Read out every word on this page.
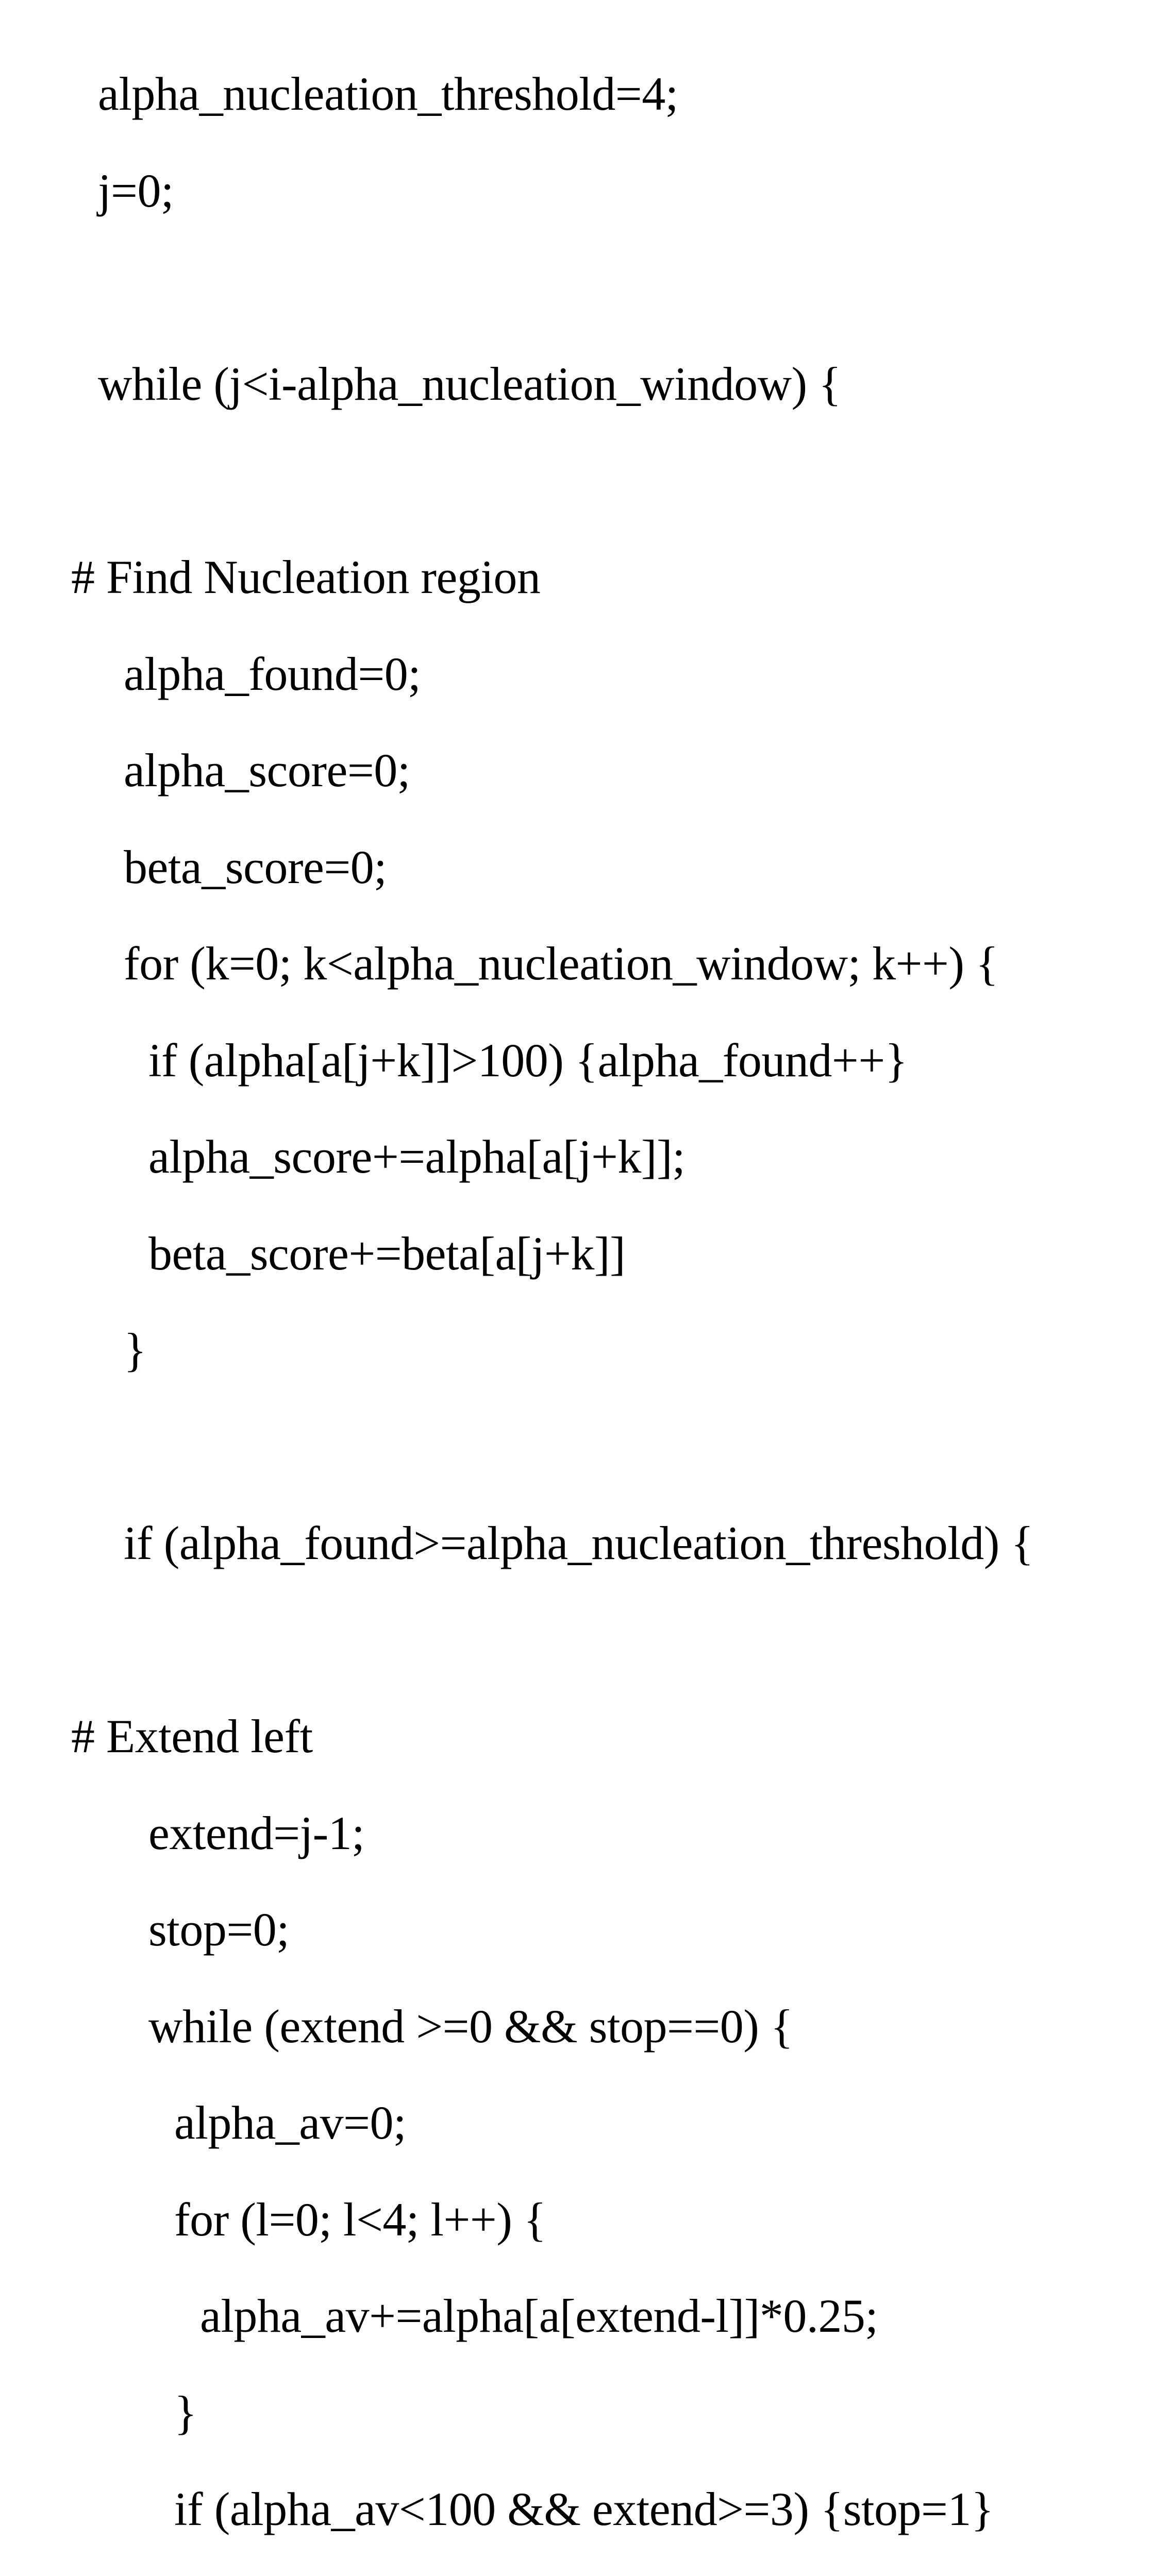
alpha_nucleation_threshold=4;
j=0;
while (j<i-alpha_nucleation_window) {
# Find Nucleation region
alpha_found=0;
alpha_score=0;
beta_score=0;
for (k=0; k<alpha_nucleation_window; k++) {
if (alpha[a[j+k]]>100) {alpha_found++}
alpha_score+=alpha[a[j+k]];
beta_score+=beta[a[j+k]]
}
if (alpha_found>=alpha_nucleation_threshold) {
# Extend left
extend=j-1;
stop=0;
while (extend >=0 && stop==0) {
alpha_av=0;
for (l=0; l<4; l++) {
alpha_av+=alpha[a[extend-l]]*0.25;
}
if (alpha_av<100 && extend>=3) {stop=1}
